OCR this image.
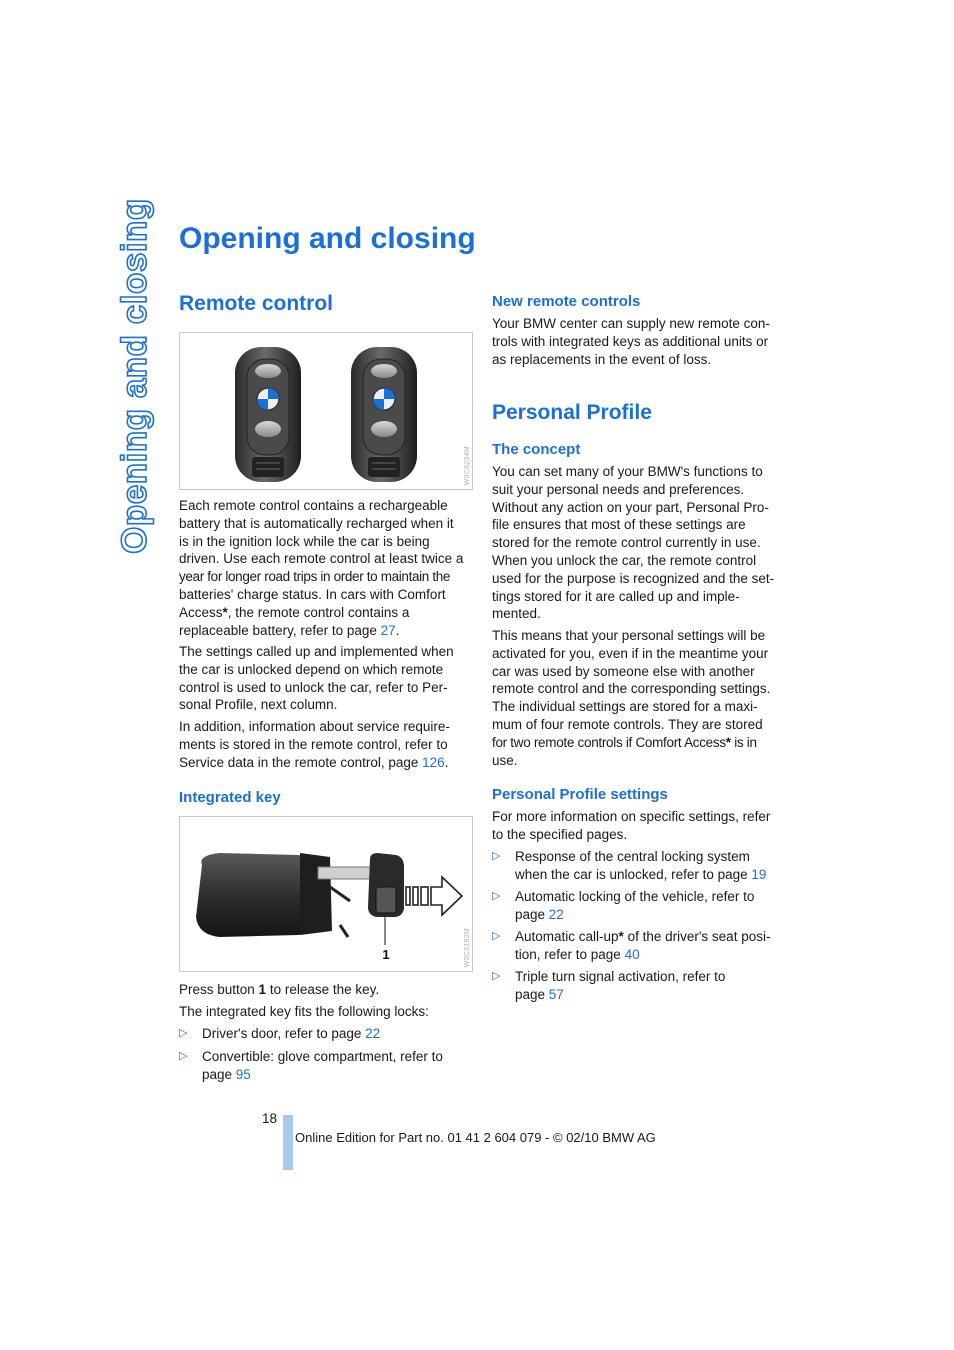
Opening and closing Opening and closing
Remote control
W0C8234M

Each remote control contains a rechargeable
battery that is automatically recharged when it
is in the ignition lock while the car is being
driven. Use each remote control at least twice a
year for longer road trips in order to maintain the
batteries' charge status. In cars with Comfort
Access*, the remote control contains a
replaceable battery, refer to page 27.

The settings called up and implemented when
the car is unlocked depend on which remote
control is used to unlock the car, refer to Per-
sonal Profile, next column.

In addition, information about service require-
ments is stored in the remote control, refer to
Service data in the remote control, page 126.

Integrated key
1	W0C9192M

Press button 1 to release the key.

The integrated key fits the following locks:

▷ Driver's door, refer to page 22
▷ Convertible: glove compartment, refer to
page 95
New remote controls

Your BMW center can supply new remote con-
trols with integrated keys as additional units or
as replacements in the event of loss.

Personal Profile
The concept

You can set many of your BMW's functions to
suit your personal needs and preferences.
Without any action on your part, Personal Pro-
file ensures that most of these settings are
stored for the remote control currently in use.
When you unlock the car, the remote control
used for the purpose is recognized and the set-
tings stored for it are called up and imple-
mented.

This means that your personal settings will be
activated for you, even if in the meantime your
car was used by someone else with another
remote control and the corresponding settings.
The individual settings are stored for a maxi-
mum of four remote controls. They are stored
for two remote controls if Comfort Access* is in
use.

Personal Profile settings

For more information on specific settings, refer
to the specified pages.

▷ Response of the central locking system
when the car is unlocked, refer to page 19
▷ Automatic locking of the vehicle, refer to
page 22
▷ Automatic call-up* of the driver's seat posi-
tion, refer to page 40
▷ Triple turn signal activation, refer to
page 57
18
Online Edition for Part no. 01 41 2 604 079 - © 02/10 BMW AG
